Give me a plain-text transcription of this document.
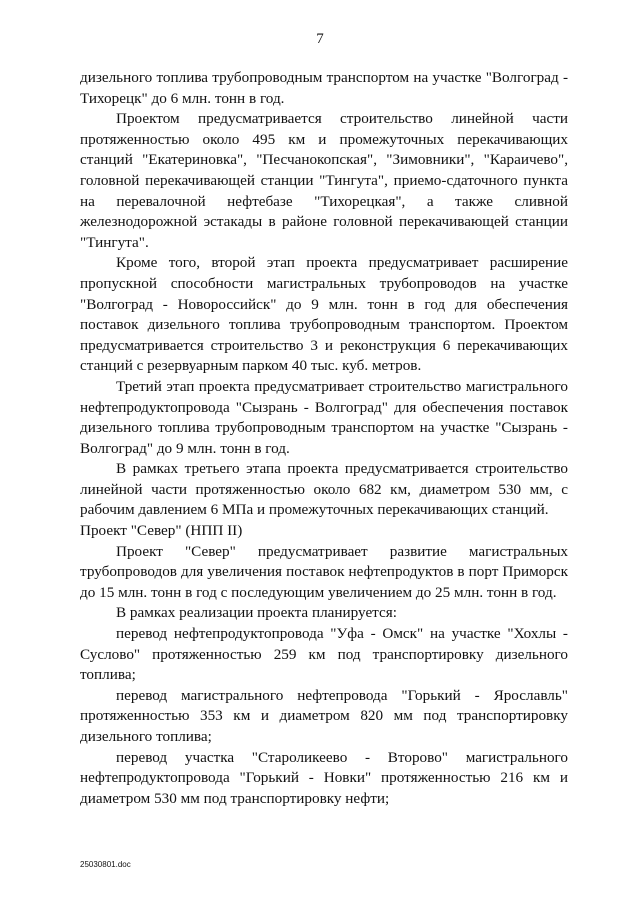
7

дизельного топлива трубопроводным транспортом на участке "Волгоград - Тихорецк" до 6 млн. тонн в год.

Проектом предусматривается строительство линейной части протяженностью около 495 км и промежуточных перекачивающих станций "Екатериновка", "Песчанокопская", "Зимовники", "Караичево", головной перекачивающей станции "Тингута", приемо-сдаточного пункта на перевалочной нефтебазе "Тихорецкая", а также сливной железнодорожной эстакады в районе головной перекачивающей станции "Тингута".

Кроме того, второй этап проекта предусматривает расширение пропускной способности магистральных трубопроводов на участке "Волгоград - Новороссийск" до 9 млн. тонн в год для обеспечения поставок дизельного топлива трубопроводным транспортом. Проектом предусматривается строительство 3 и реконструкция 6 перекачивающих станций с резервуарным парком 40 тыс. куб. метров.

Третий этап проекта предусматривает строительство магистрального нефтепродуктопровода "Сызрань - Волгоград" для обеспечения поставок дизельного топлива трубопроводным транспортом на участке "Сызрань - Волгоград" до 9 млн. тонн в год.

В рамках третьего этапа проекта предусматривается строительство линейной части протяженностью около 682 км, диаметром 530 мм, с рабочим давлением 6 МПа и промежуточных перекачивающих станций.

Проект "Север" (НПП II)

Проект "Север" предусматривает развитие магистральных трубопроводов для увеличения поставок нефтепродуктов в порт Приморск до 15 млн. тонн в год с последующим увеличением до 25 млн. тонн в год.

В рамках реализации проекта планируется:

перевод нефтепродуктопровода "Уфа - Омск" на участке "Хохлы - Суслово" протяженностью 259 км под транспортировку дизельного топлива;

перевод магистрального нефтепровода "Горький - Ярославль" протяженностью 353 км и диаметром 820 мм под транспортировку дизельного топлива;

перевод участка "Староликеево - Второво" магистрального нефтепродуктопровода "Горький - Новки" протяженностью 216 км и диаметром 530 мм под транспортировку нефти;

25030801.doc
